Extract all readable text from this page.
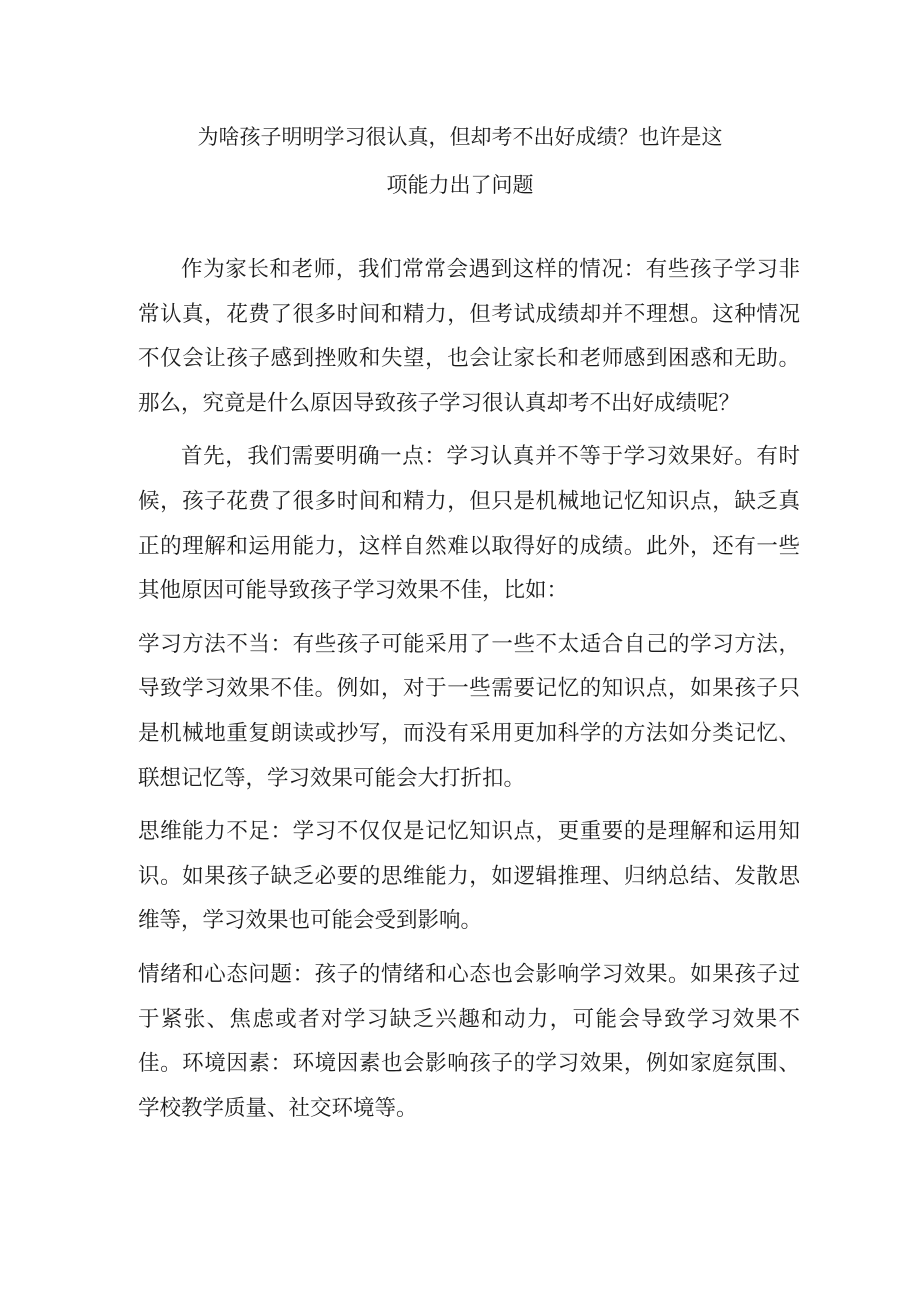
为啥孩子明明学习很认真，但却考不出好成绩？也许是这
项能力出了问题

作为家长和老师，我们常常会遇到这样的情况：有些孩子学习非常认真，花费了很多时间和精力，但考试成绩却并不理想。这种情况不仅会让孩子感到挫败和失望，也会让家长和老师感到困惑和无助。那么，究竟是什么原因导致孩子学习很认真却考不出好成绩呢？

首先，我们需要明确一点：学习认真并不等于学习效果好。有时候，孩子花费了很多时间和精力，但只是机械地记忆知识点，缺乏真正的理解和运用能力，这样自然难以取得好的成绩。此外，还有一些其他原因可能导致孩子学习效果不佳，比如：

学习方法不当：有些孩子可能采用了一些不太适合自己的学习方法，导致学习效果不佳。例如，对于一些需要记忆的知识点，如果孩子只是机械地重复朗读或抄写，而没有采用更加科学的方法如分类记忆、联想记忆等，学习效果可能会大打折扣。

思维能力不足：学习不仅仅是记忆知识点，更重要的是理解和运用知识。如果孩子缺乏必要的思维能力，如逻辑推理、归纳总结、发散思维等，学习效果也可能会受到影响。

情绪和心态问题：孩子的情绪和心态也会影响学习效果。如果孩子过于紧张、焦虑或者对学习缺乏兴趣和动力，可能会导致学习效果不佳。环境因素：环境因素也会影响孩子的学习效果，例如家庭氛围、学校教学质量、社交环境等。
